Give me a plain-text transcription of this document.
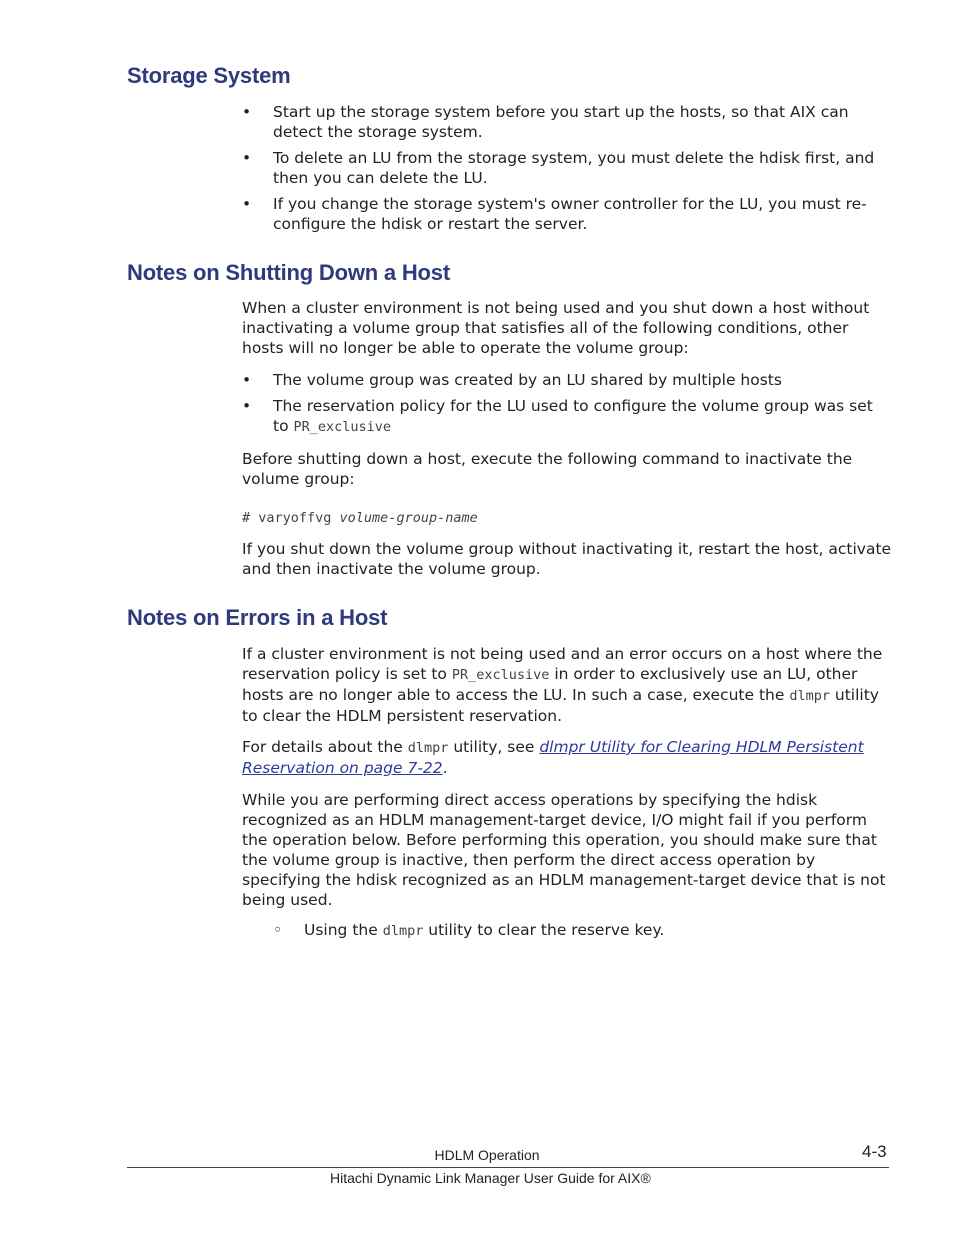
Storage System
•	Start up the storage system before you start up the hosts, so that AIX can detect the storage system.
•	To delete an LU from the storage system, you must delete the hdisk first, and then you can delete the LU.
•	If you change the storage system's owner controller for the LU, you must re-configure the hdisk or restart the server.
Notes on Shutting Down a Host

When a cluster environment is not being used and you shut down a host without inactivating a volume group that satisfies all of the following conditions, other hosts will no longer be able to operate the volume group:

•	The volume group was created by an LU shared by multiple hosts
•	The reservation policy for the LU used to configure the volume group was set to PR_exclusive

Before shutting down a host, execute the following command to inactivate the volume group:

# varyoffvg volume-group-name

If you shut down the volume group without inactivating it, restart the host, activate and then inactivate the volume group.

Notes on Errors in a Host

If a cluster environment is not being used and an error occurs on a host where the reservation policy is set to PR_exclusive in order to exclusively use an LU, other hosts are no longer able to access the LU. In such a case, execute the dlmpr utility to clear the HDLM persistent reservation.

For details about the dlmpr utility, see dlmpr Utility for Clearing HDLM Persistent Reservation on page 7-22.

While you are performing direct access operations by specifying the hdisk recognized as an HDLM management-target device, I/O might fail if you perform the operation below. Before performing this operation, you should make sure that the volume group is inactive, then perform the direct access operation by specifying the hdisk recognized as an HDLM management-target device that is not being used.

◦	Using the dlmpr utility to clear the reserve key.
HDLM Operation	4-3
Hitachi Dynamic Link Manager User Guide for AIX®
